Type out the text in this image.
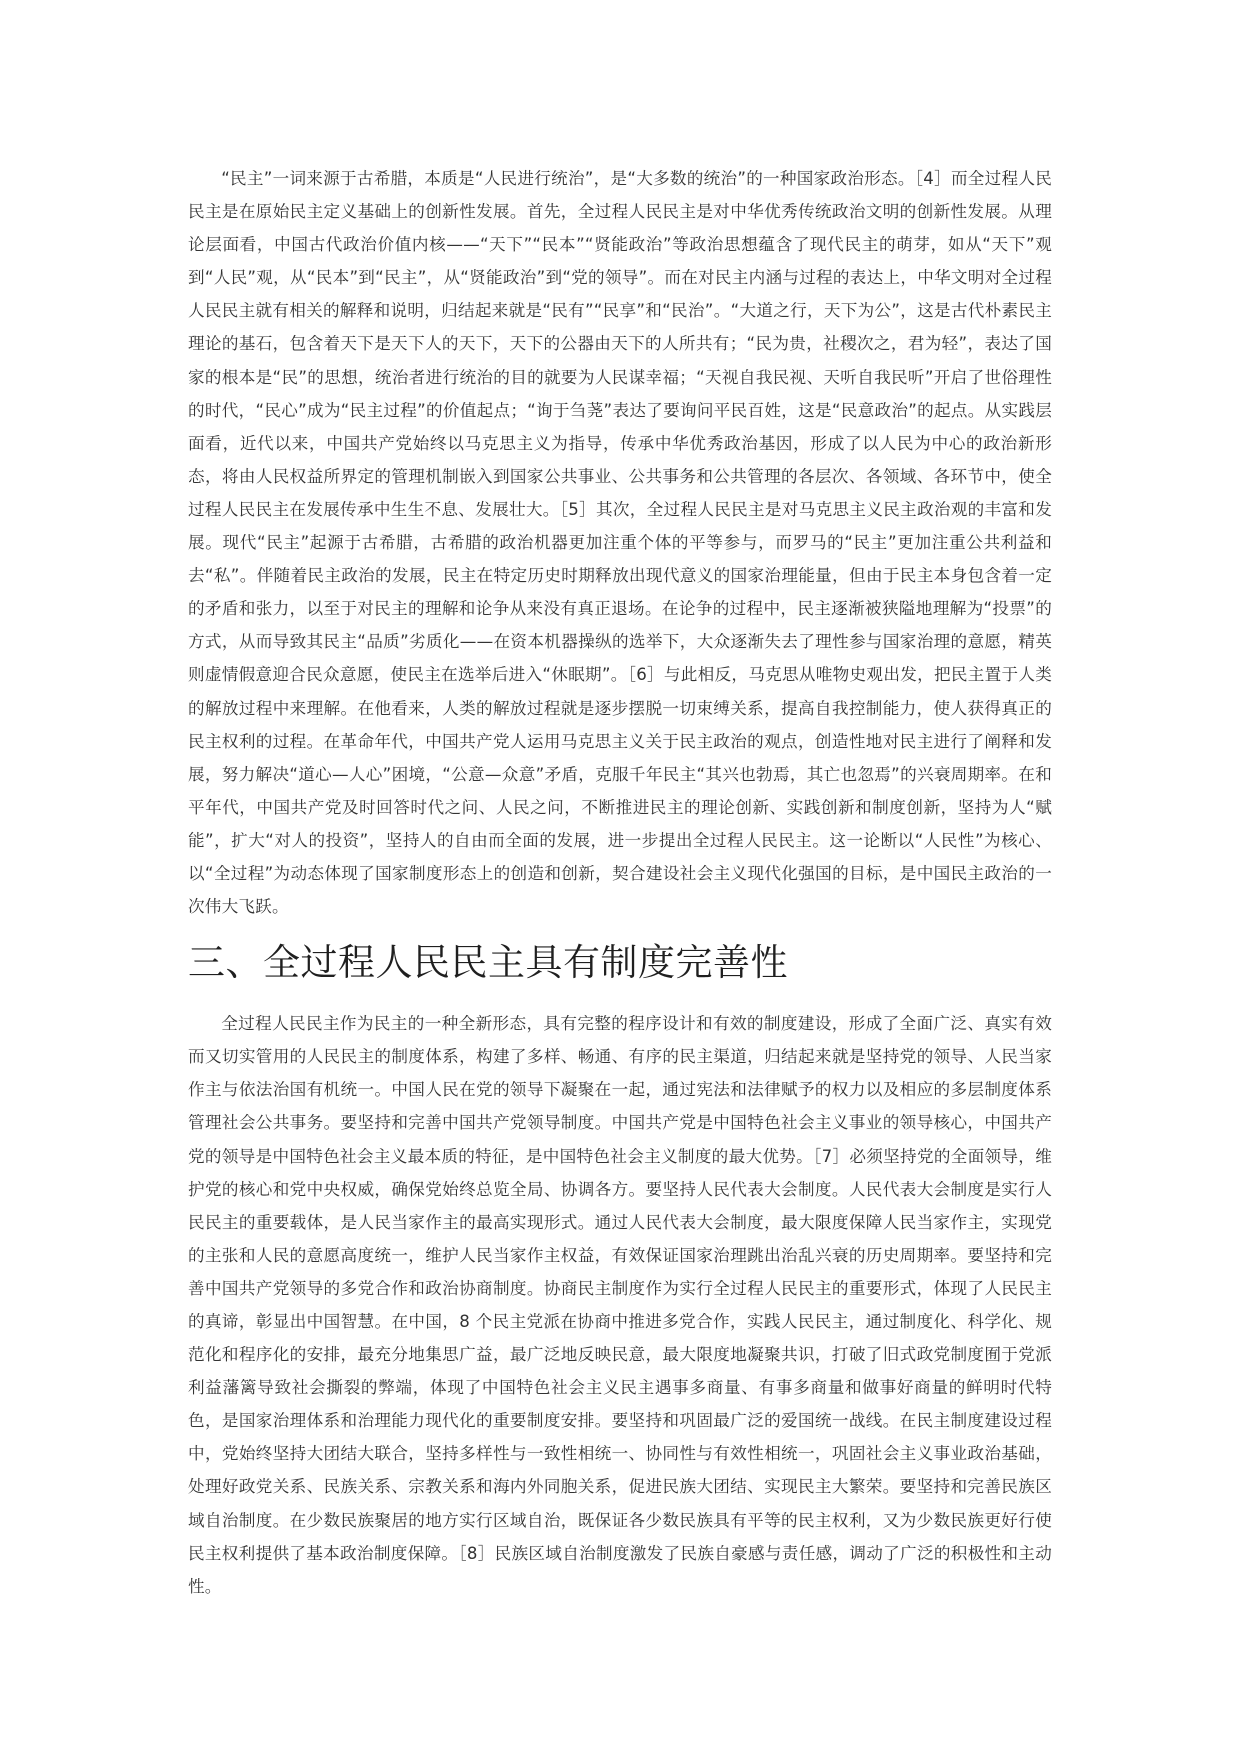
“民主”一词来源于古希腊，本质是“人民进行统治”，是“大多数的统治”的一种国家政治形态。［4］而全过程人民民主是在原始民主定义基础上的创新性发展。首先，全过程人民民主是对中华优秀传统政治文明的创新性发展。从理论层面看，中国古代政治价值内核——“天下”“民本”“贤能政治”等政治思想蕴含了现代民主的萌芽，如从“天下”观到“人民”观，从“民本”到“民主”，从“贤能政治”到“党的领导”。而在对民主内涵与过程的表达上，中华文明对全过程人民民主就有相关的解释和说明，归结起来就是“民有”“民享”和“民治”。“大道之行，天下为公”，这是古代朴素民主理论的基石，包含着天下是天下人的天下，天下的公器由天下的人所共有；“民为贵，社稷次之，君为轻”，表达了国家的根本是“民”的思想，统治者进行统治的目的就要为人民谋幸福；“天视自我民视、天听自我民听”开启了世俗理性的时代，“民心”成为“民主过程”的价值起点；“询于刍荛”表达了要询问平民百姓，这是“民意政治”的起点。从实践层面看，近代以来，中国共产党始终以马克思主义为指导，传承中华优秀政治基因，形成了以人民为中心的政治新形态，将由人民权益所界定的管理机制嵌入到国家公共事业、公共事务和公共管理的各层次、各领域、各环节中，使全过程人民民主在发展传承中生生不息、发展壮大。［5］其次，全过程人民民主是对马克思主义民主政治观的丰富和发展。现代“民主”起源于古希腊，古希腊的政治机器更加注重个体的平等参与，而罗马的“民主”更加注重公共利益和去“私”。伴随着民主政治的发展，民主在特定历史时期释放出现代意义的国家治理能量，但由于民主本身包含着一定的矛盾和张力，以至于对民主的理解和论争从来没有真正退场。在论争的过程中，民主逐渐被狭隘地理解为“投票”的方式，从而导致其民主“品质”劣质化——在资本机器操纵的选举下，大众逐渐失去了理性参与国家治理的意愿，精英则虚情假意迎合民众意愿，使民主在选举后进入“休眠期”。［6］与此相反，马克思从唯物史观出发，把民主置于人类的解放过程中来理解。在他看来，人类的解放过程就是逐步摆脱一切束缚关系，提高自我控制能力，使人获得真正的民主权利的过程。在革命年代，中国共产党人运用马克思主义关于民主政治的观点，创造性地对民主进行了阐释和发展，努力解决“道心—人心”困境，“公意—众意”矛盾，克服千年民主“其兴也勃焉，其亡也忽焉”的兴衰周期率。在和平年代，中国共产党及时回答时代之问、人民之问，不断推进民主的理论创新、实践创新和制度创新，坚持为人“赋能”，扩大“对人的投资”，坚持人的自由而全面的发展，进一步提出全过程人民民主。这一论断以“人民性”为核心、以“全过程”为动态体现了国家制度形态上的创造和创新，契合建设社会主义现代化强国的目标，是中国民主政治的一次伟大飞跃。

三、全过程人民民主具有制度完善性

全过程人民民主作为民主的一种全新形态，具有完整的程序设计和有效的制度建设，形成了全面广泛、真实有效而又切实管用的人民民主的制度体系，构建了多样、畅通、有序的民主渠道，归结起来就是坚持党的领导、人民当家作主与依法治国有机统一。中国人民在党的领导下凝聚在一起，通过宪法和法律赋予的权力以及相应的多层制度体系管理社会公共事务。要坚持和完善中国共产党领导制度。中国共产党是中国特色社会主义事业的领导核心，中国共产党的领导是中国特色社会主义最本质的特征，是中国特色社会主义制度的最大优势。［7］必须坚持党的全面领导，维护党的核心和党中央权威，确保党始终总览全局、协调各方。要坚持人民代表大会制度。人民代表大会制度是实行人民民主的重要载体，是人民当家作主的最高实现形式。通过人民代表大会制度，最大限度保障人民当家作主，实现党的主张和人民的意愿高度统一，维护人民当家作主权益，有效保证国家治理跳出治乱兴衰的历史周期率。要坚持和完善中国共产党领导的多党合作和政治协商制度。协商民主制度作为实行全过程人民民主的重要形式，体现了人民民主的真谛，彰显出中国智慧。在中国，8 个民主党派在协商中推进多党合作，实践人民民主，通过制度化、科学化、规范化和程序化的安排，最充分地集思广益，最广泛地反映民意，最大限度地凝聚共识，打破了旧式政党制度囿于党派利益藩篱导致社会撕裂的弊端，体现了中国特色社会主义民主遇事多商量、有事多商量和做事好商量的鲜明时代特色，是国家治理体系和治理能力现代化的重要制度安排。要坚持和巩固最广泛的爱国统一战线。在民主制度建设过程中，党始终坚持大团结大联合，坚持多样性与一致性相统一、协同性与有效性相统一，巩固社会主义事业政治基础，处理好政党关系、民族关系、宗教关系和海内外同胞关系，促进民族大团结、实现民主大繁荣。要坚持和完善民族区域自治制度。在少数民族聚居的地方实行区域自治，既保证各少数民族具有平等的民主权利，又为少数民族更好行使民主权利提供了基本政治制度保障。［8］民族区域自治制度激发了民族自豪感与责任感，调动了广泛的积极性和主动性。
